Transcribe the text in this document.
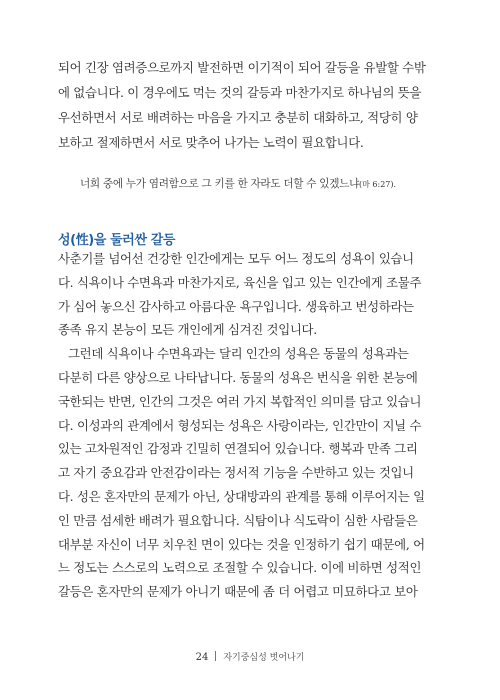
되어 긴장 염려증으로까지 발전하면 이기적이 되어 갈등을 유발할 수밖
에 없습니다. 이 경우에도 먹는 것의 갈등과 마찬가지로 하나님의 뜻을
우선하면서 서로 배려하는 마음을 가지고 충분히 대화하고, 적당히 양
보하고 절제하면서 서로 맞추어 나가는 노력이 필요합니다.
너희 중에 누가 염려함으로 그 키를 한 자라도 더할 수 있겠느냐(마 6:27).
성(性)을 둘러싼 갈등
사춘기를 넘어선 건강한 인간에게는 모두 어느 정도의 성욕이 있습니
다. 식욕이나 수면욕과 마찬가지로, 육신을 입고 있는 인간에게 조물주
가 심어 놓으신 감사하고 아름다운 욕구입니다. 생육하고 번성하라는
종족 유지 본능이 모든 개인에게 심겨진 것입니다.
그런데 식욕이나 수면욕과는 달리 인간의 성욕은 동물의 성욕과는
다분히 다른 양상으로 나타납니다. 동물의 성욕은 번식을 위한 본능에
국한되는 반면, 인간의 그것은 여러 가지 복합적인 의미를 담고 있습니
다. 이성과의 관계에서 형성되는 성욕은 사랑이라는, 인간만이 지닐 수
있는 고차원적인 감정과 긴밀히 연결되어 있습니다. 행복과 만족 그리
고 자기 중요감과 안전감이라는 정서적 기능을 수반하고 있는 것입니
다. 성은 혼자만의 문제가 아닌, 상대방과의 관계를 통해 이루어지는 일
인 만큼 섬세한 배려가 필요합니다. 식탐이나 식도락이 심한 사람들은
대부분 자신이 너무 치우친 면이 있다는 것을 인정하기 쉽기 때문에, 어
느 정도는 스스로의 노력으로 조절할 수 있습니다. 이에 비하면 성적인
갈등은 혼자만의 문제가 아니기 때문에 좀 더 어렵고 미묘하다고 보아
24 자기중심성 벗어나기
